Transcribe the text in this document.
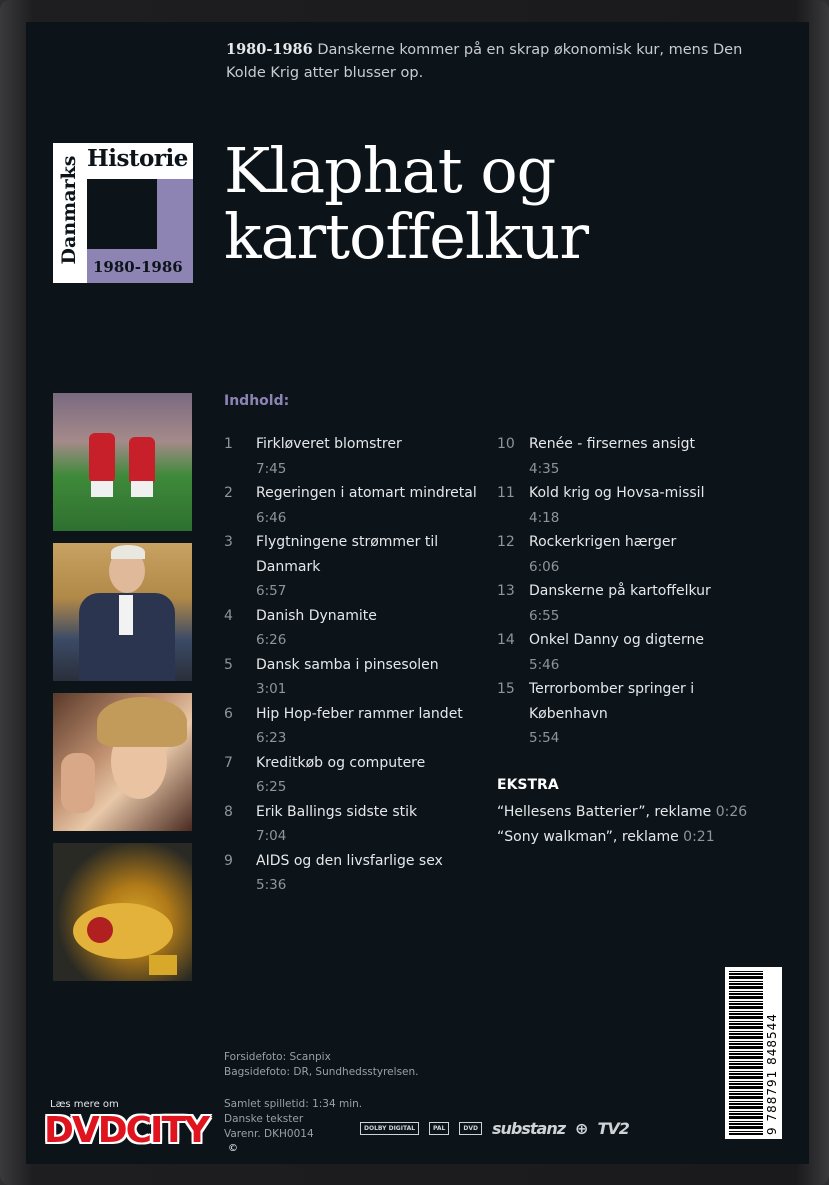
1980-1986 Danskerne kommer på en skrap økonomisk kur, mens Den Kolde Krig atter blusser op.
Historie
Danmarks
1980-1986
Klaphat og
kartoffelkur
Indhold:
1 Firkløveret blomstrer
7:45
2 Regeringen i atomart mindretal
6:46
3 Flygtningene strømmer til Danmark
6:57
4 Danish Dynamite
6:26
5 Dansk samba i pinsesolen
3:01
6 Hip Hop-feber rammer landet
6:23
7 Kreditkøb og computere
6:25
8 Erik Ballings sidste stik
7:04
9 AIDS og den livsfarlige sex
5:36
10 Renée - firsernes ansigt
4:35
11 Kold krig og Hovsa-missil
4:18
12 Rockerkrigen hærger
6:06
13 Danskerne på kartoffelkur
6:55
14 Onkel Danny og digterne
5:46
15 Terrorbomber springer i København
5:54
EKSTRA
“Hellesens Batterier”, reklame 0:26
“Sony walkman”, reklame 0:21
Forsidefoto: Scanpix
Bagsidefoto: DR, Sundhedsstyrelsen.
Samlet spilletid: 1:34 min.
Danske tekster
Varenr. DKH0014	DOLBY DIGITAL	PAL	DVD substanz ⊕ TV2	9 788791 848544
Læs mere om
DVDCITY ©
